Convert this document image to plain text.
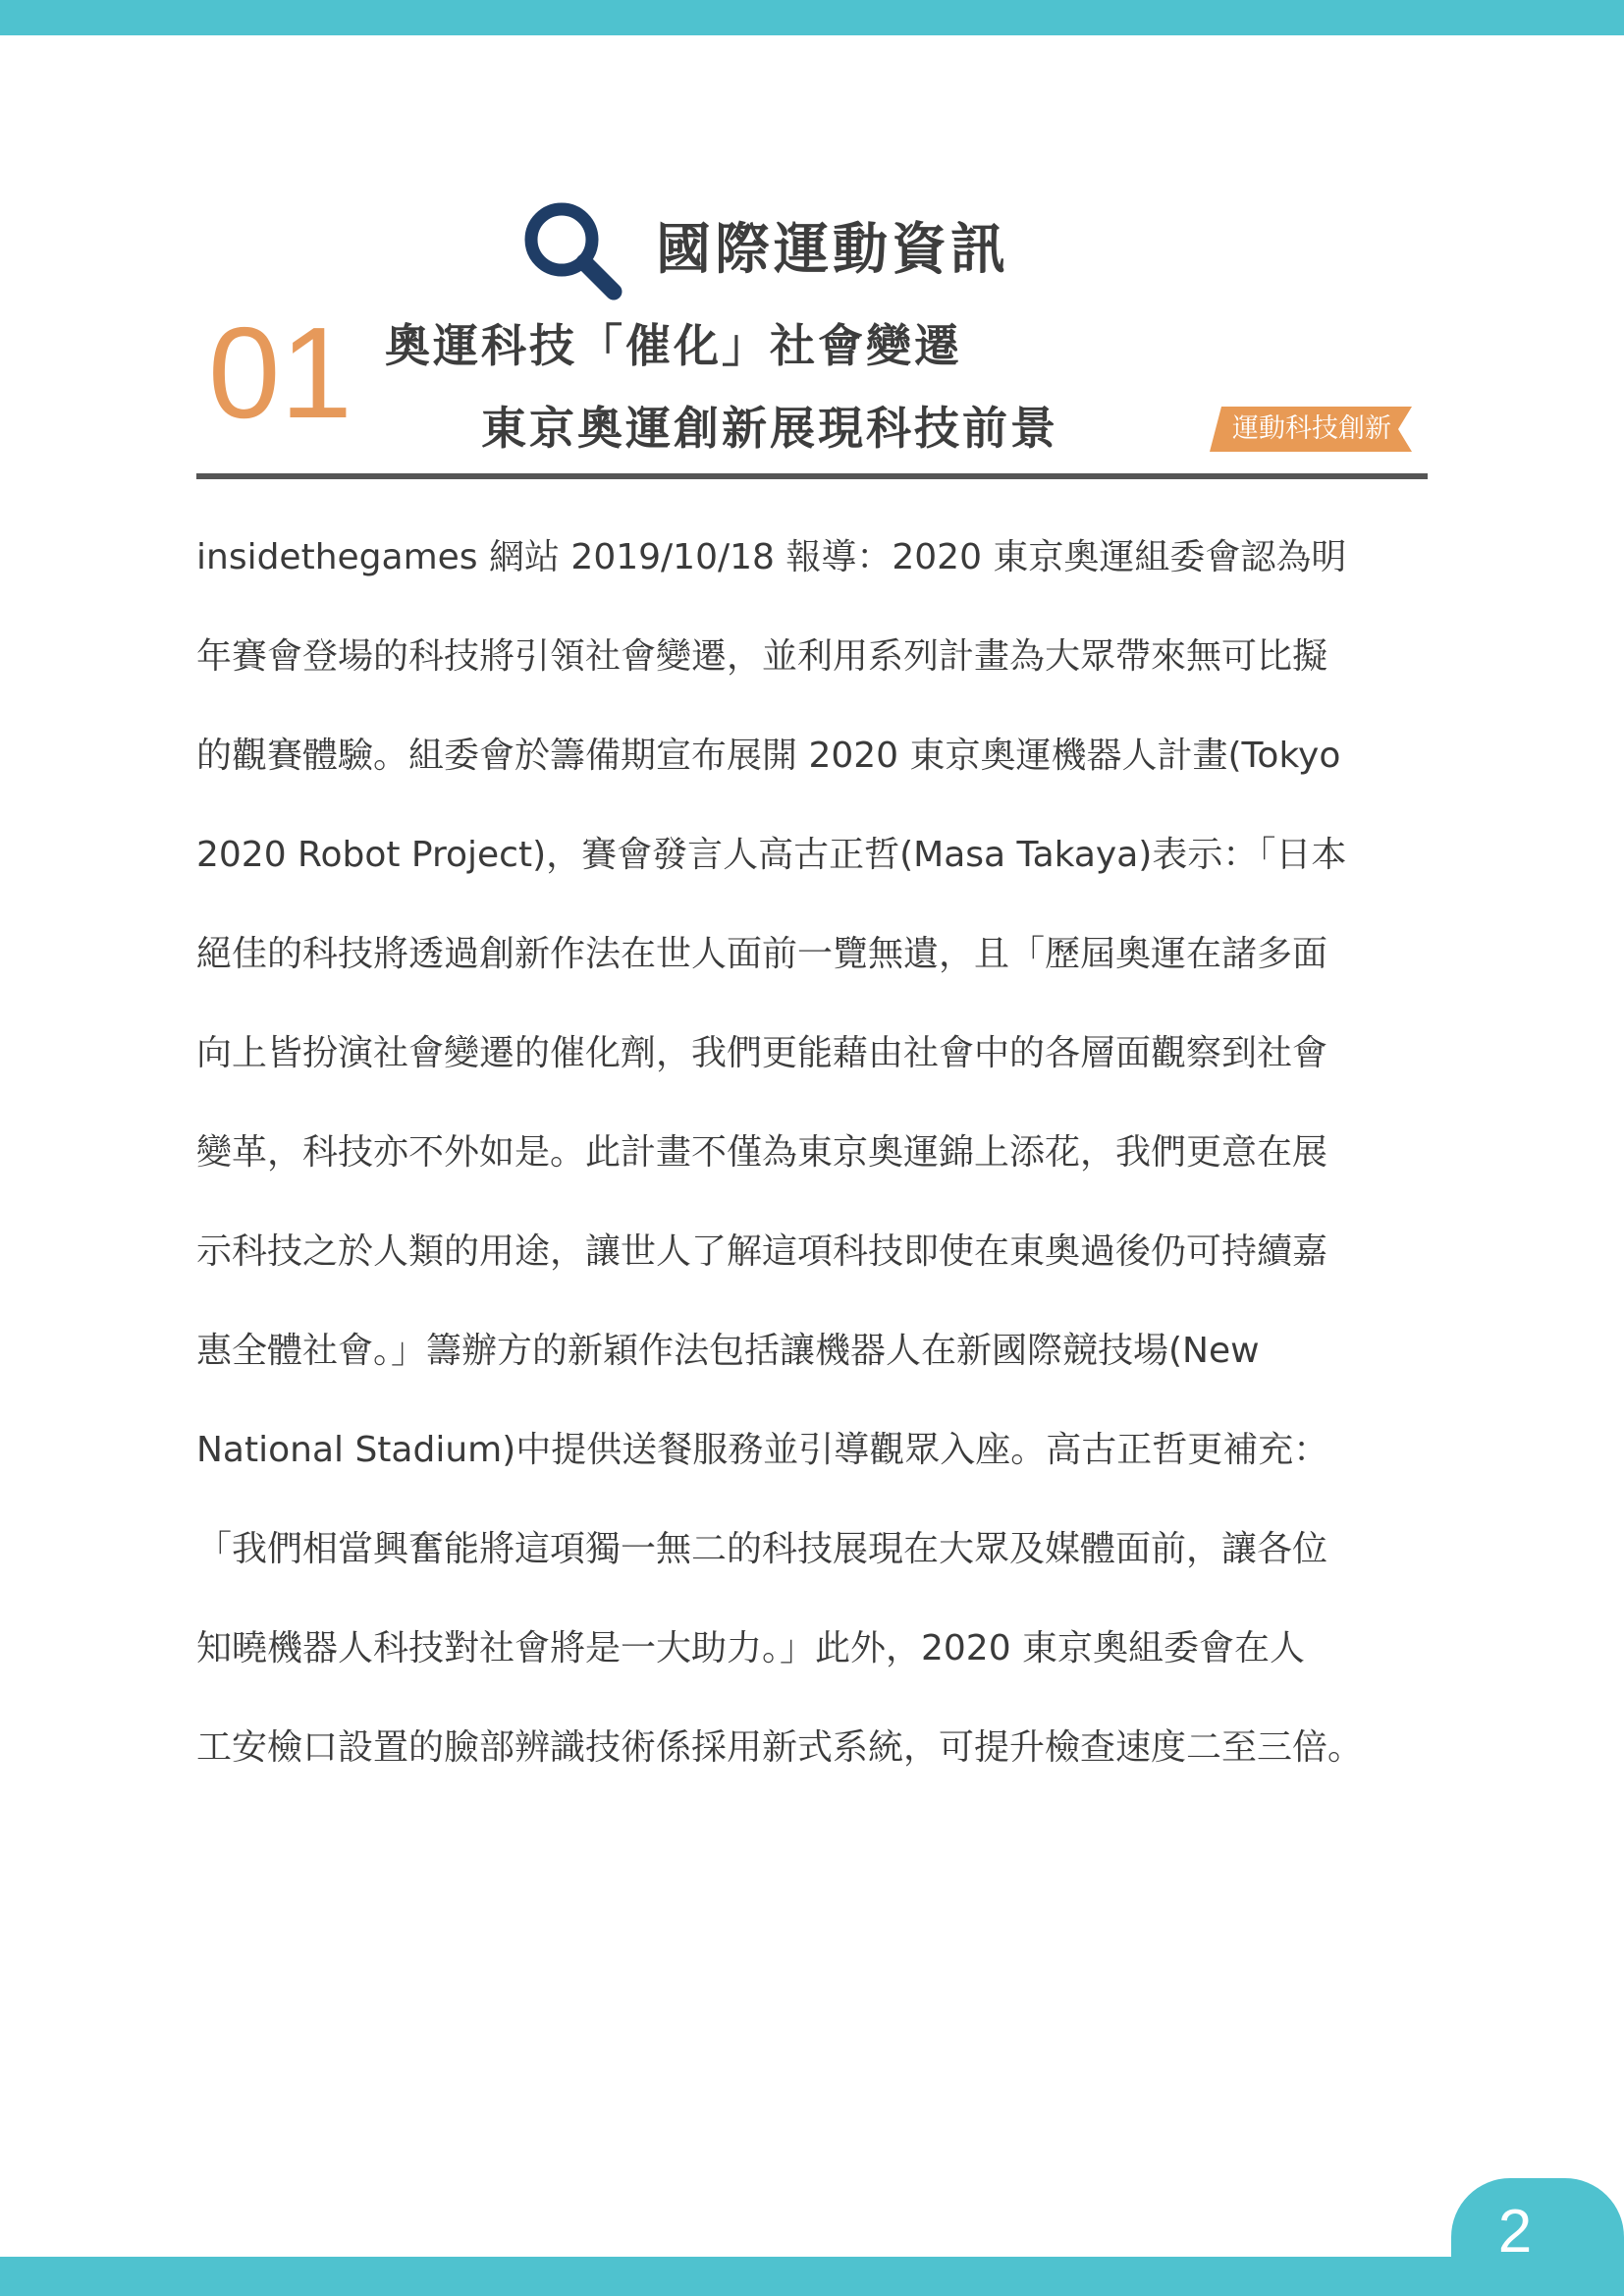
國際運動資訊
01 奧運科技「催化」社會變遷
東京奧運創新展現科技前景	運動科技創新
insidethegames 網站 2019/10/18 報導：2020 東京奧運組委會認為明
年賽會登場的科技將引領社會變遷，並利用系列計畫為大眾帶來無可比擬
的觀賽體驗。組委會於籌備期宣布展開 2020 東京奧運機器人計畫(Tokyo
2020 Robot Project)，賽會發言人高古正哲(Masa Takaya)表示：「日本
絕佳的科技將透過創新作法在世人面前一覽無遺，且「歷屆奧運在諸多面
向上皆扮演社會變遷的催化劑，我們更能藉由社會中的各層面觀察到社會
變革，科技亦不外如是。此計畫不僅為東京奧運錦上添花，我們更意在展
示科技之於人類的用途，讓世人了解這項科技即使在東奧過後仍可持續嘉
惠全體社會。」籌辦方的新穎作法包括讓機器人在新國際競技場(New
National Stadium)中提供送餐服務並引導觀眾入座。高古正哲更補充：
「我們相當興奮能將這項獨一無二的科技展現在大眾及媒體面前，讓各位
知曉機器人科技對社會將是一大助力。」此外，2020 東京奧組委會在人
工安檢口設置的臉部辨識技術係採用新式系統，可提升檢查速度二至三倍。
2
